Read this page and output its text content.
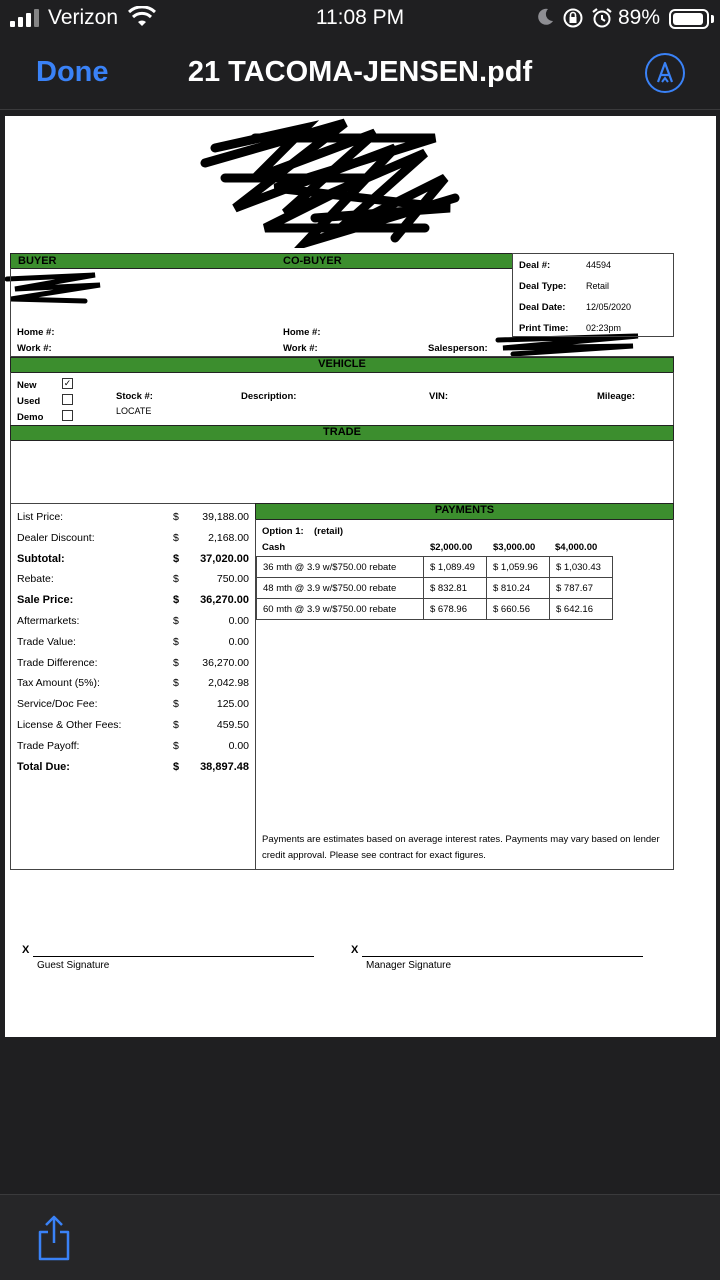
Verizon	11:08 PM	89%
Done	21 TACOMA-JENSEN.pdf
BUYER	CO-BUYER	Deal #:	44594
Deal Type: Retail
Deal Date: 12/05/2020
Print Time: 02:23pm
Home #:
Work #:
Home #:
Work #:	Salesperson:
VEHICLE
New	✓
Used
Demo
Stock #:
LOCATE
Description:	VIN:	Mileage:
TRADE
List Price:	$ 39,188.00
Dealer Discount:	$	2,168.00
Subtotal:	$ 37,020.00
Rebate:	$	750.00
Sale Price:	$ 36,270.00
Aftermarkets:	$	0.00
Trade Value:	$	0.00
Trade Difference:	$ 36,270.00
Tax Amount (5%):	$	2,042.98
Service/Doc Fee:	$	125.00
License & Other Fees:	$	459.50
Trade Payoff:	$	0.00
Total Due:	$ 38,897.48
PAYMENTS
Option 1: (retail)
Cash	$2,000.00 $3,000.00 $4,000.00
36 mth @ 3.9 w/$750.00 rebate	$ 1,089.49	$ 1,059.96	$ 1,030.43
48 mth @ 3.9 w/$750.00 rebate	$ 832.81	$ 810.24	$ 787.67
60 mth @ 3.9 w/$750.00 rebate	$ 678.96	$ 660.56	$ 642.16
Payments are estimates based on average interest rates. Payments may vary based on lender
credit approval. Please see contract for exact figures.
X
Guest Signature
X
Manager Signature
